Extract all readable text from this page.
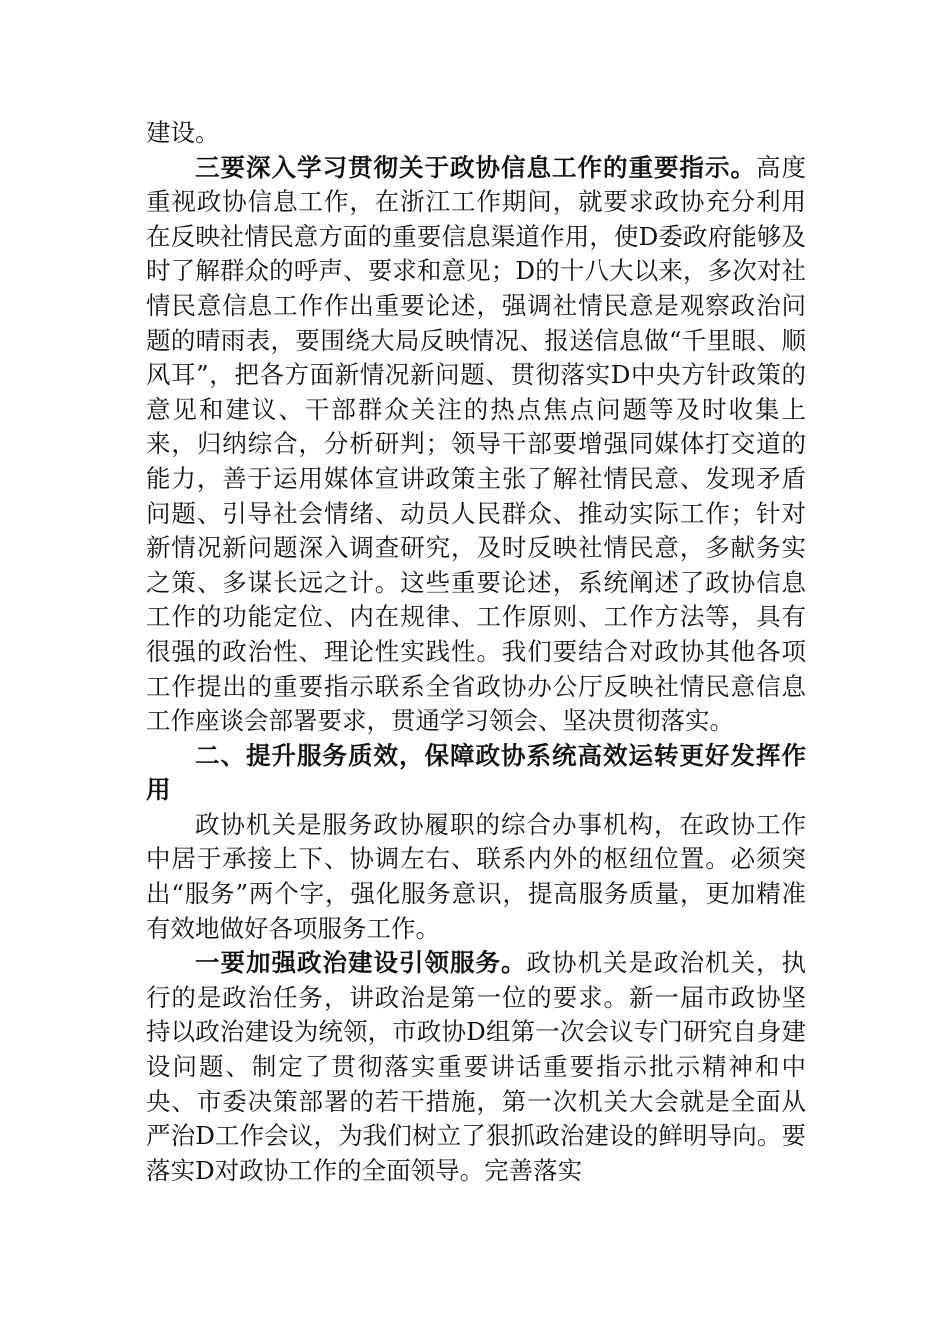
建设。

三要深入学习贯彻关于政协信息工作的重要指示。高度重视政协信息工作，在浙江工作期间，就要求政协充分利用在反映社情民意方面的重要信息渠道作用，使D委政府能够及时了解群众的呼声、要求和意见；D的十八大以来，多次对社情民意信息工作作出重要论述，强调社情民意是观察政治问题的晴雨表，要围绕大局反映情况、报送信息做“千里眼、顺风耳”，把各方面新情况新问题、贯彻落实D中央方针政策的意见和建议、干部群众关注的热点焦点问题等及时收集上来，归纳综合，分析研判；领导干部要增强同媒体打交道的能力，善于运用媒体宣讲政策主张了解社情民意、发现矛盾问题、引导社会情绪、动员人民群众、推动实际工作；针对新情况新问题深入调查研究，及时反映社情民意，多献务实之策、多谋长远之计。这些重要论述，系统阐述了政协信息工作的功能定位、内在规律、工作原则、工作方法等，具有很强的政治性、理论性实践性。我们要结合对政协其他各项工作提出的重要指示联系全省政协办公厅反映社情民意信息工作座谈会部署要求，贯通学习领会、坚决贯彻落实。

二、提升服务质效，保障政协系统高效运转更好发挥作用

政协机关是服务政协履职的综合办事机构，在政协工作中居于承接上下、协调左右、联系内外的枢纽位置。必须突出“服务”两个字，强化服务意识，提高服务质量，更加精准有效地做好各项服务工作。

一要加强政治建设引领服务。政协机关是政治机关，执行的是政治任务，讲政治是第一位的要求。新一届市政协坚持以政治建设为统领，市政协D组第一次会议专门研究自身建设问题、制定了贯彻落实重要讲话重要指示批示精神和中央、市委决策部署的若干措施，第一次机关大会就是全面从严治D工作会议，为我们树立了狠抓政治建设的鲜明导向。要落实D对政协工作的全面领导。完善落实
